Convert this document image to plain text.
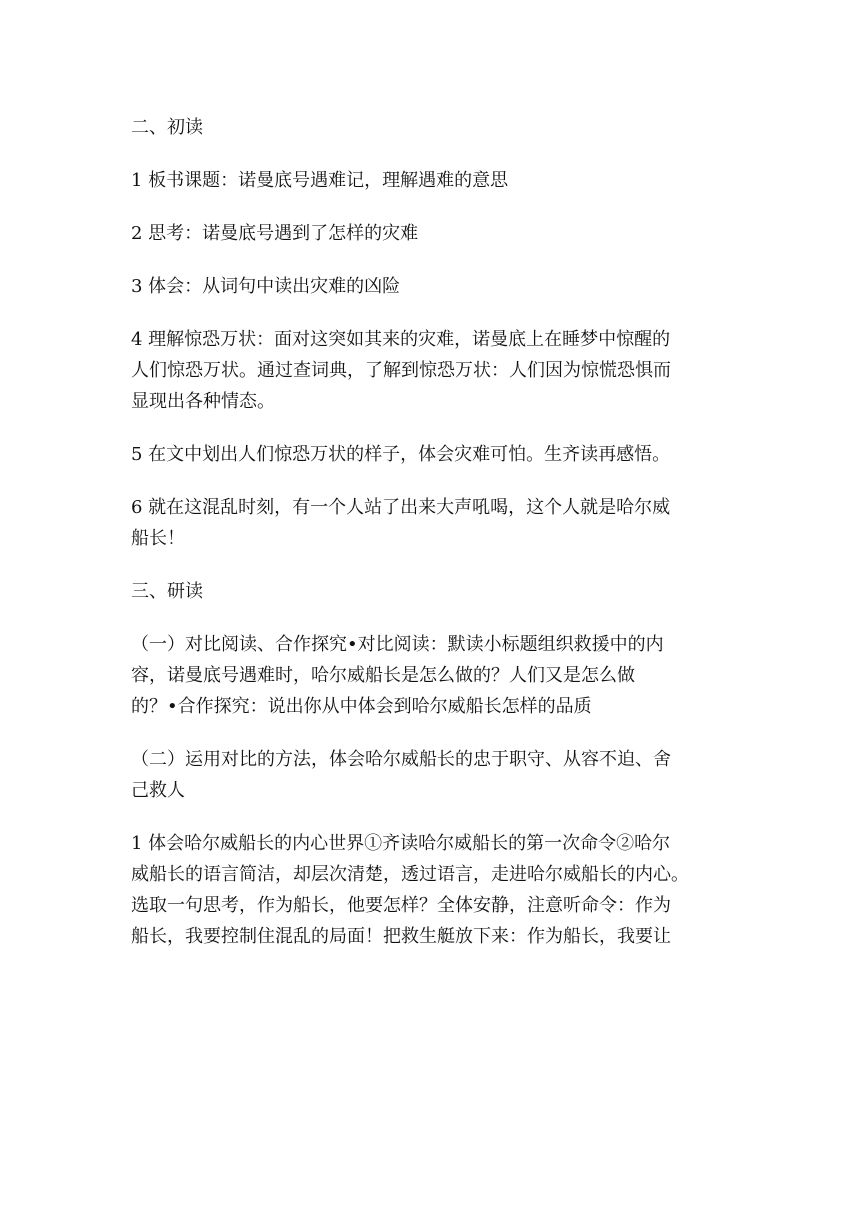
二、初读

1 板书课题：诺曼底号遇难记，理解遇难的意思

2 思考：诺曼底号遇到了怎样的灾难

3 体会：从词句中读出灾难的凶险

4 理解惊恐万状：面对这突如其来的灾难，诺曼底上在睡梦中惊醒的
人们惊恐万状。通过查词典，了解到惊恐万状：人们因为惊慌恐惧而
显现出各种情态。

5 在文中划出人们惊恐万状的样子，体会灾难可怕。生齐读再感悟。

6 就在这混乱时刻，有一个人站了出来大声吼喝，这个人就是哈尔威
船长！

三、研读

（一）对比阅读、合作探究•对比阅读：默读小标题组织救援中的内
容，诺曼底号遇难时，哈尔威船长是怎么做的？人们又是怎么做
的？•合作探究：说出你从中体会到哈尔威船长怎样的品质

（二）运用对比的方法，体会哈尔威船长的忠于职守、从容不迫、舍
己救人

1 体会哈尔威船长的内心世界①齐读哈尔威船长的第一次命令②哈尔
威船长的语言简洁，却层次清楚，透过语言，走进哈尔威船长的内心。
选取一句思考，作为船长，他要怎样？全体安静，注意听命令：作为
船长，我要控制住混乱的局面！把救生艇放下来：作为船长，我要让
